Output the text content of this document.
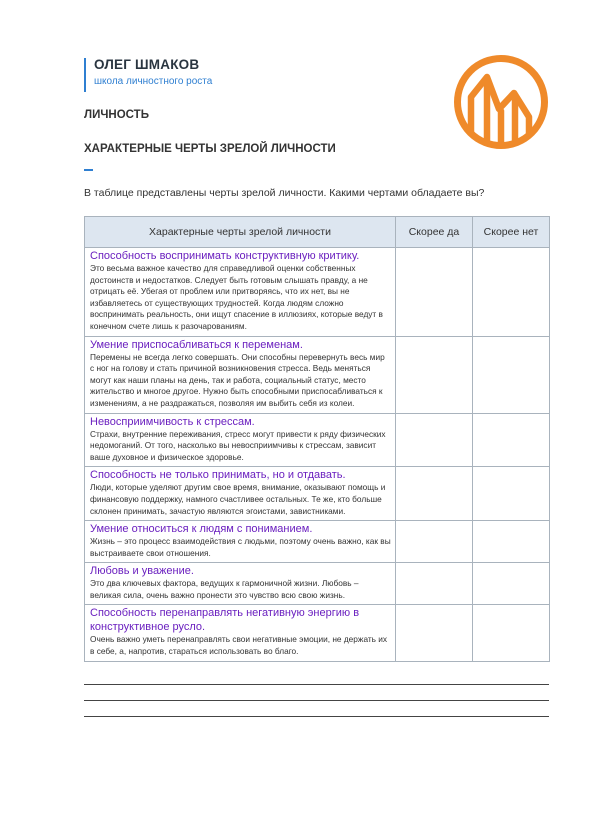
ОЛЕГ ШМАКОВ
школа личностного роста
ЛИЧНОСТЬ
ХАРАКТЕРНЫЕ ЧЕРТЫ ЗРЕЛОЙ ЛИЧНОСТИ
В таблице представлены черты зрелой личности. Какими чертами обладаете вы?
Характерные черты зрелой личности	Скорее да	Скорее нет

Способность воспринимать конструктивную критику.
Это весьма важное качество для справедливой оценки собственных достоинств и недостатков. Следует быть готовым слышать правду, а не отрицать её. Убегая от проблем или притворяясь, что их нет, вы не избавляетесь от существующих трудностей. Когда людям сложно воспринимать реальность, они ищут спасение в иллюзиях, которые ведут в конечном счете лишь к разочарованиям.		

Умение приспосабливаться к переменам.
Перемены не всегда легко совершать. Они способны перевернуть весь мир с ног на голову и стать причиной возникновения стресса. Ведь меняться могут как наши планы на день, так и работа, социальный статус, место жительство и многое другое. Нужно быть способными приспосабливаться к изменениям, а не раздражаться, позволяя им выбить себя из колеи.		

Невосприимчивость к стрессам.
Страхи, внутренние переживания, стресс могут привести к ряду физических недомоганий. От того, насколько вы невосприимчивы к стрессам, зависит ваше духовное и физическое здоровье.		

Способность не только принимать, но и отдавать.
Люди, которые уделяют другим свое время, внимание, оказывают помощь и финансовую поддержку, намного счастливее остальных. Те же, кто больше склонен принимать, зачастую являются эгоистами, завистниками.		

Умение относиться к людям с пониманием.
Жизнь – это процесс взаимодействия с людьми, поэтому очень важно, как вы выстраиваете свои отношения.		

Любовь и уважение.
Это два ключевых фактора, ведущих к гармоничной жизни. Любовь – великая сила, очень важно пронести это чувство всю свою жизнь.		

Способность перенаправлять негативную энергию в конструктивное русло.
Очень важно уметь перенаправлять свои негативные эмоции, не держать их в себе, а, напротив, стараться использовать во благо.		
